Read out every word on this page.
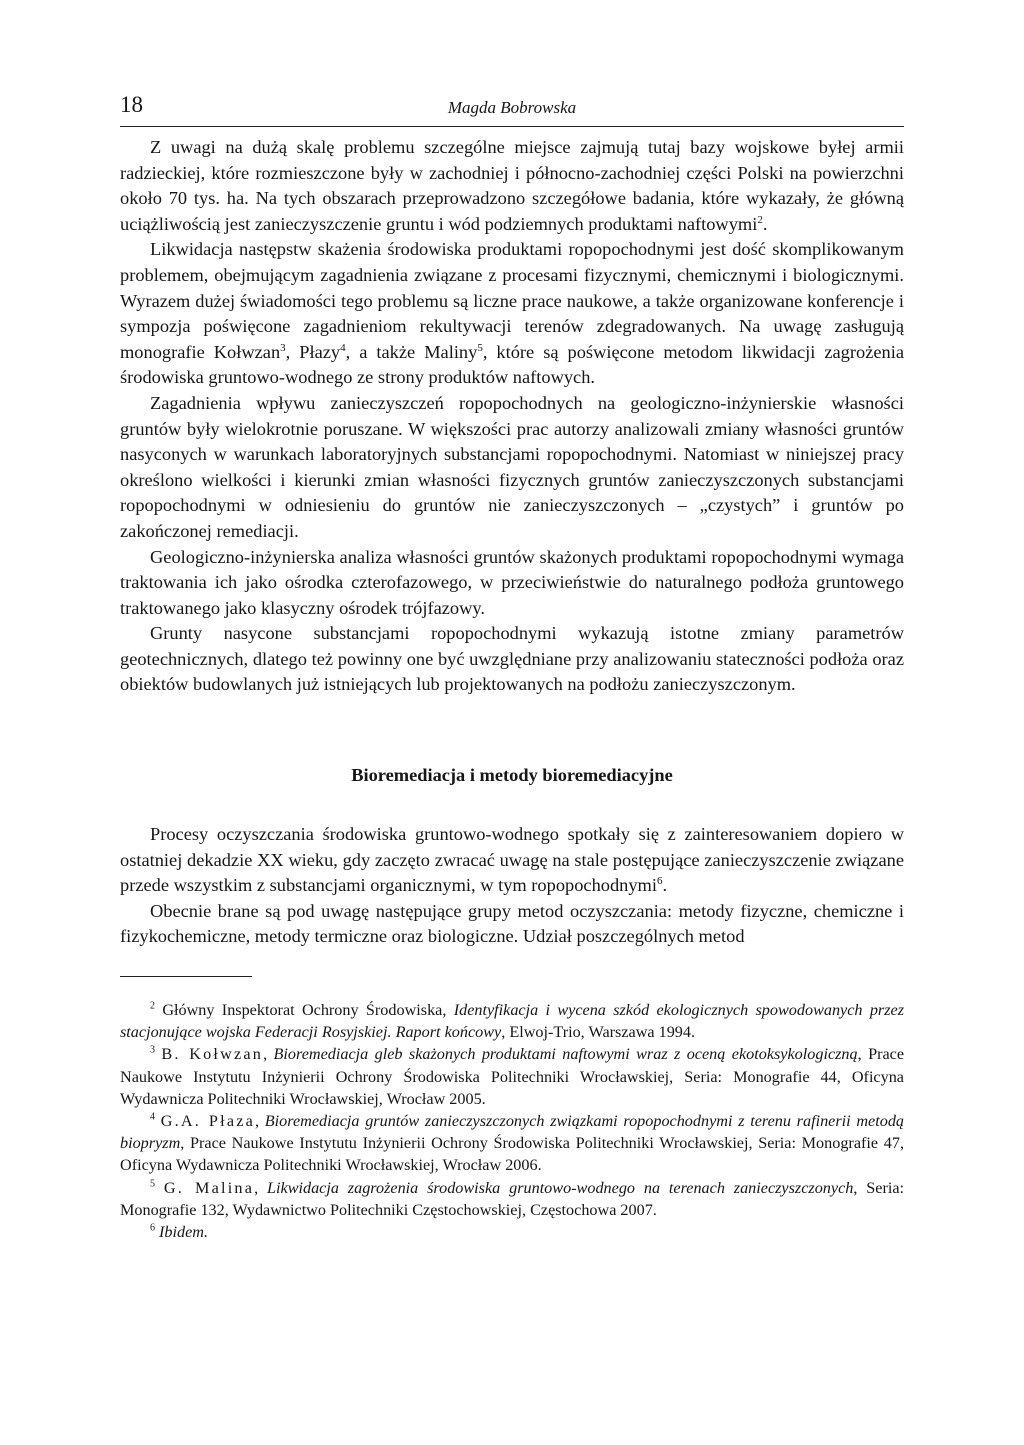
18	Magda Bobrowska

Z uwagi na dużą skalę problemu szczególne miejsce zajmują tutaj bazy wojskowe byłej armii radzieckiej, które rozmieszczone były w zachodniej i północno-zachodniej części Polski na powierzchni około 70 tys. ha. Na tych obszarach przeprowadzono szczegółowe badania, które wykazały, że główną uciążliwością jest zanieczyszczenie gruntu i wód podziemnych produktami naftowymi$^2$.

Likwidacja następstw skażenia środowiska produktami ropopochodnymi jest dość skomplikowanym problemem, obejmującym zagadnienia związane z procesami fizycznymi, chemicznymi i biologicznymi. Wyrazem dużej świadomości tego problemu są liczne prace naukowe, a także organizowane konferencje i sympozja poświęcone zagadnieniom rekultywacji terenów zdegradowanych. Na uwagę zasługują monografie Kołwzan$^3$, Płazy$^4$, a także Maliny$^5$, które są poświęcone metodom likwidacji zagrożenia środowiska gruntowo-wodnego ze strony produktów naftowych.

Zagadnienia wpływu zanieczyszczeń ropopochodnych na geologiczno-inżynierskie własności gruntów były wielokrotnie poruszane. W większości prac autorzy analizowali zmiany własności gruntów nasyconych w warunkach laboratoryjnych substancjami ropopochodnymi. Natomiast w niniejszej pracy określono wielkości i kierunki zmian własności fizycznych gruntów zanieczyszczonych substancjami ropopochodnymi w odniesieniu do gruntów nie zanieczyszczonych – „czystych” i gruntów po zakończonej remediacji.

Geologiczno-inżynierska analiza własności gruntów skażonych produktami ropopochodnymi wymaga traktowania ich jako ośrodka czterofazowego, w przeciwieństwie do naturalnego podłoża gruntowego traktowanego jako klasyczny ośrodek trójfazowy.

Grunty nasycone substancjami ropopochodnymi wykazują istotne zmiany parametrów geotechnicznych, dlatego też powinny one być uwzględniane przy analizowaniu stateczności podłoża oraz obiektów budowlanych już istniejących lub projektowanych na podłożu zanieczyszczonym.

Bioremediacja i metody bioremediacyjne

Procesy oczyszczania środowiska gruntowo-wodnego spotkały się z zainteresowaniem dopiero w ostatniej dekadzie XX wieku, gdy zaczęto zwracać uwagę na stale postępujące zanieczyszczenie związane przede wszystkim z substancjami organicznymi, w tym ropopochodnymi$^6$.

Obecnie brane są pod uwagę następujące grupy metod oczyszczania: metody fizyczne, chemiczne i fizykochemiczne, metody termiczne oraz biologiczne. Udział poszczególnych metod

$^2$ Główny Inspektorat Ochrony Środowiska, Identyfikacja i wycena szkód ekologicznych spowodowanych przez stacjonujące wojska Federacji Rosyjskiej. Raport końcowy, Elwoj-Trio, Warszawa 1994.

$^3$ B. Kołwzan, Bioremediacja gleb skażonych produktami naftowymi wraz z oceną ekotoksykologiczną, Prace Naukowe Instytutu Inżynierii Ochrony Środowiska Politechniki Wrocławskiej, Seria: Monografie 44, Oficyna Wydawnicza Politechniki Wrocławskiej, Wrocław 2005.

$^4$ G.A. Płaza, Bioremediacja gruntów zanieczyszczonych związkami ropopochodnymi z terenu rafinerii metodą biopryzm, Prace Naukowe Instytutu Inżynierii Ochrony Środowiska Politechniki Wrocławskiej, Seria: Monografie 47, Oficyna Wydawnicza Politechniki Wrocławskiej, Wrocław 2006.

$^5$ G. Malina, Likwidacja zagrożenia środowiska gruntowo-wodnego na terenach zanieczyszczonych, Seria: Monografie 132, Wydawnictwo Politechniki Częstochowskiej, Częstochowa 2007.

$^6$ Ibidem.
